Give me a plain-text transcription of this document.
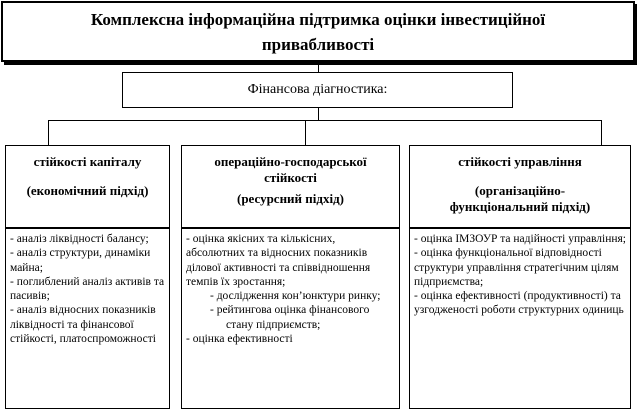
Комплексна інформаційна підтримка оцінки інвестиційної привабливості
Фінансова діагностика:
стійкості капіталу
(економічний підхід)

- аналіз ліквідності балансу;

- аналіз структури, динаміки майна;

- поглиблений аналіз активів та пасивів;

- аналіз відносних показників ліквідності та фінансової стійкості, платоспроможності

операційно-господарської стійкості
(ресурсний підхід)

- оцінка якісних та кількісних, абсолютних та відносних показників ділової активності та співвідношення темпів їх зростання;

- дослідження кон’юнктури ринку;

- рейтингова оцінка фінансового стану підприємств;

- оцінка ефективності

стійкості управління
(організаційно-функціональний підхід)

- оцінка ІМЗОУР та надійності управління;

- оцінка функціональної відповідності структури управління стратегічним цілям підприємства;

- оцінка ефективності (продуктивності) та узгодженості роботи структурних одиниць
